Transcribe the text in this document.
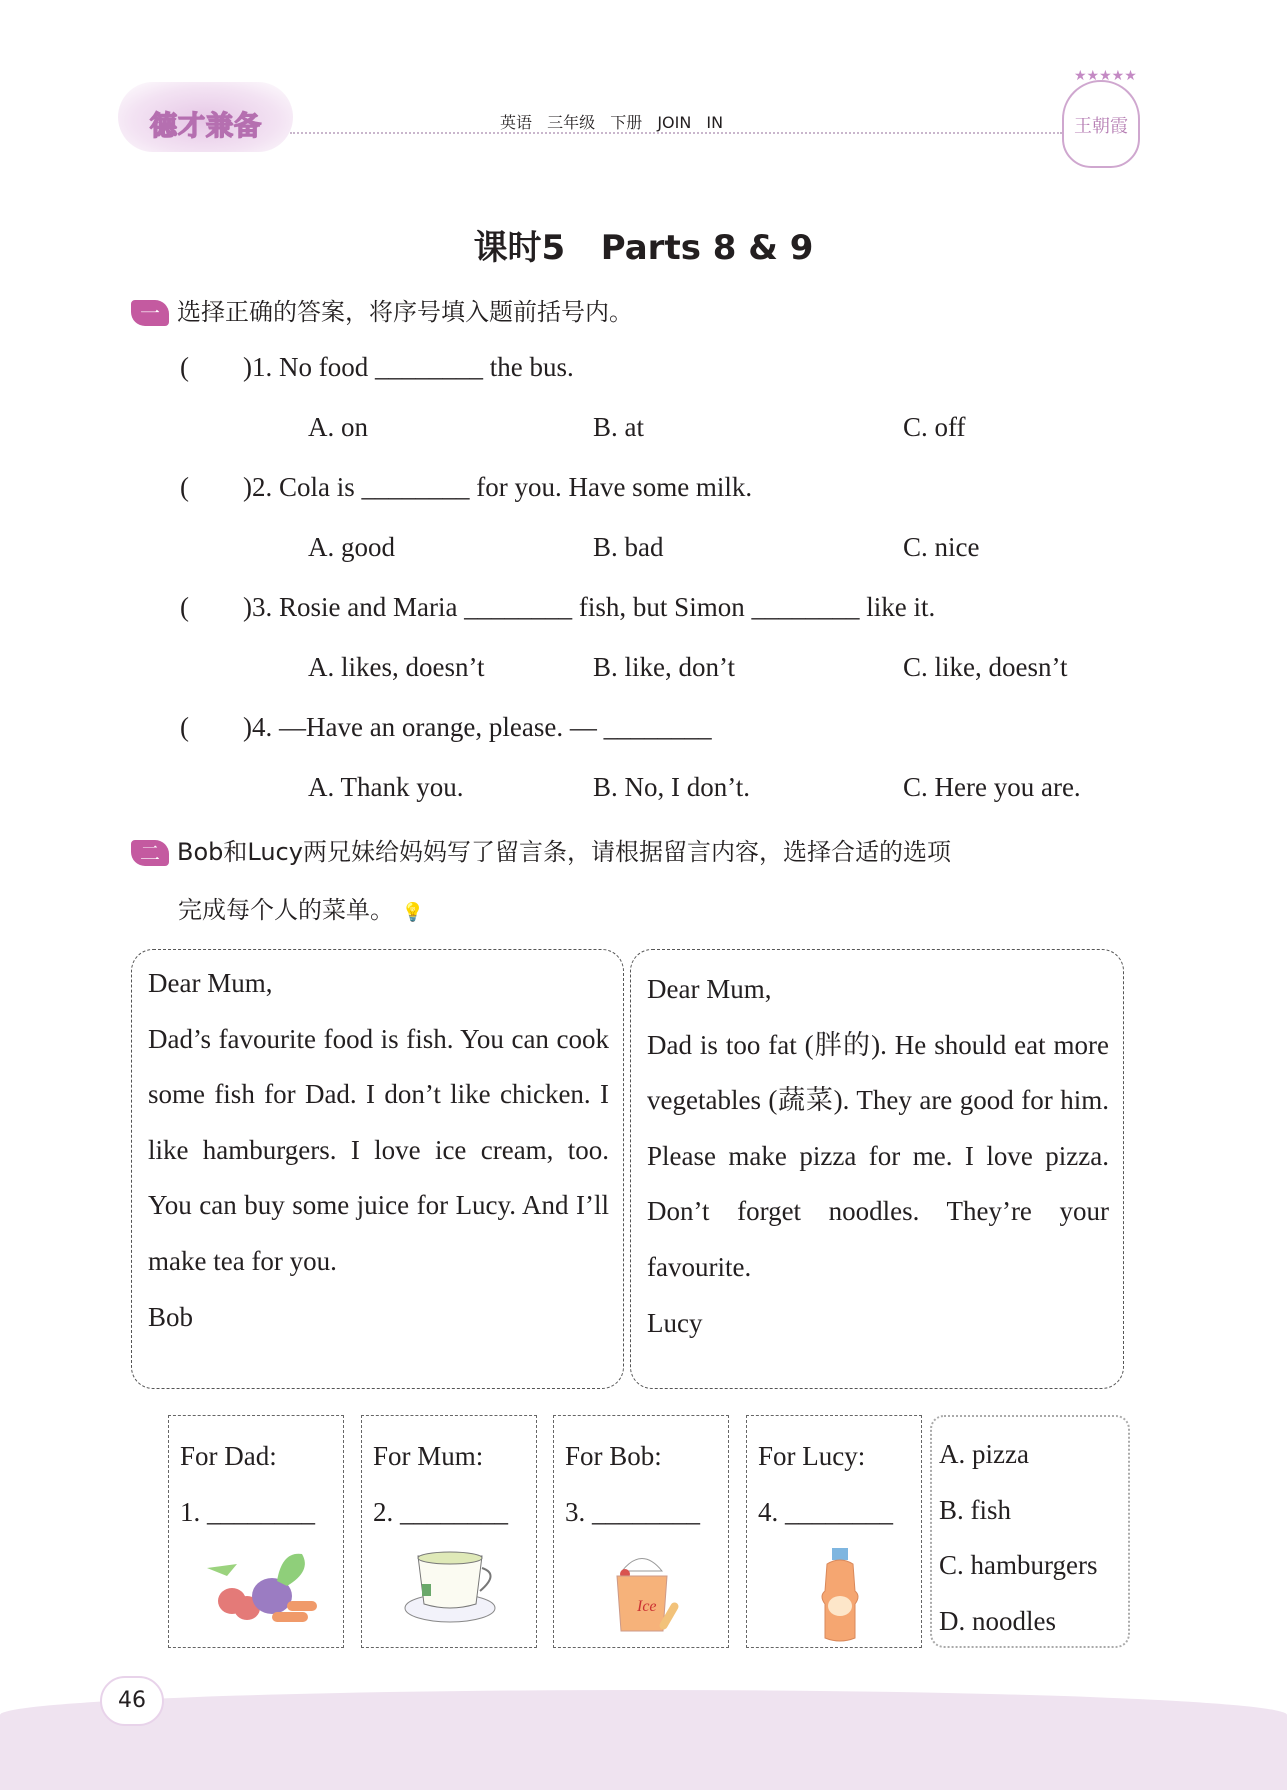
德才兼备	英语 三年级 下册 JOIN IN
★★★★★
王朝霞
课时5   Parts 8 & 9
一 选择正确的答案，将序号填入题前括号内。
(        )1. No food ________ the bus.
A. on	B. at	C. off
(        )2. Cola is ________ for you. Have some milk.
A. good	B. bad	C. nice
(        )3. Rosie and Maria ________ fish, but Simon ________ like it.
A. likes, doesn’t	B. like, don’t	C. like, doesn’t
(        )4. —Have an orange, please. — ________
A. Thank you.	B. No, I don’t.	C. Here you are.
二 Bob和Lucy两兄妹给妈妈写了留言条，请根据留言内容，选择合适的选项
完成每个人的菜单。 💡
Dear Mum,
Dad’s favourite food is fish. You can cook some fish for Dad. I don’t like chicken. I like hamburgers. I love ice cream, too. You can buy some juice for Lucy. And I’ll make tea for you.
Bob
Dear Mum,
Dad is too fat (胖的). He should eat more vegetables (蔬菜). They are good for him. Please make pizza for me. I love pizza. Don’t forget noodles. They’re your favourite.
Lucy
For Dad:
1. ________
For Mum:
2. ________
For Bob:
3. ________
Ice
For Lucy:
4. ________
A. pizza
B. fish
C. hamburgers
D. noodles
46
